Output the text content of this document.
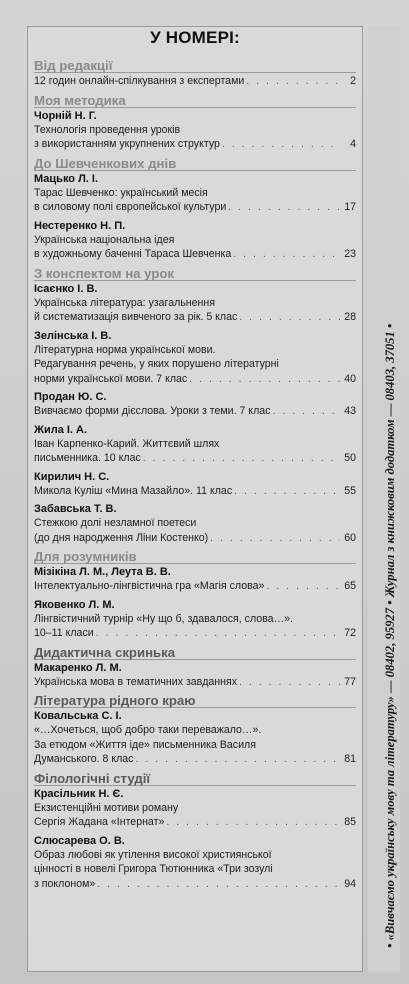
• «Вивчаємо українську мову та літературу» — 08402, 95927 • Журнал з книжковим додатком — 08403, 37051 •
У НОМЕРІ:
Від редакції
12 годин онлайн-спілкування з експертами . . .	2
Моя методика
Чорній Н. Г.
Технологія проведення уроків
з використанням укрупнених структур . . .	4
До Шевченкових днів
Мацько Л. І.
Тарас Шевченко: український месія
в силовому полі європейської культури . . .	17
Нестеренко Н. П.
Українська національна ідея
в художньому баченні Тараса Шевченка . . .	23
З конспектом на урок
Ісаєнко І. В.
Українська література: узагальнення
й систематизація вивченого за рік. 5 клас . . .	28
Зелінська І. В.
Літературна норма української мови.
Редагування речень, у яких порушено літературні
норми української мови. 7 клас . . .	40
Продан Ю. С.
Вивчаємо форми дієслова. Уроки з теми. 7 клас . . .	43
Жила І. А.
Іван Карпенко-Карий. Життєвий шлях
письменника. 10 клас . . .	50
Кирилич Н. С.
Микола Куліш «Мина Мазайло». 11 клас . . .	55
Забавська Т. В.
Стежкою долі незламної поетеси
(до дня народження Ліни Костенко) . . .	60
Для розумників
Мізікіна Л. М., Леута В. В.
Інтелектуально-лінгвістична гра «Магія слова» . . .	65
Яковенко Л. М.
Лінгвістичний турнір «Ну що б, здавалося, слова…».
10–11 класи . . .	72
Дидактична скринька
Макаренко Л. М.
Українська мова в тематичних завданнях . . .	77
Література рідного краю
Ковальська С. І.
«…Хочеться, щоб добро таки переважало…».
За етюдом «Життя іде» письменника Василя
Думанського. 8 клас . . .	81
Філологічні студії
Красільник Н. Є.
Екзистенційні мотиви роману
Сергія Жадана «Інтернат» . . .	85
Слюсарева О. В.
Образ любові як утілення високої християнської
цінності в новелі Григора Тютюнника «Три зозулі
з поклоном» . . .	94
